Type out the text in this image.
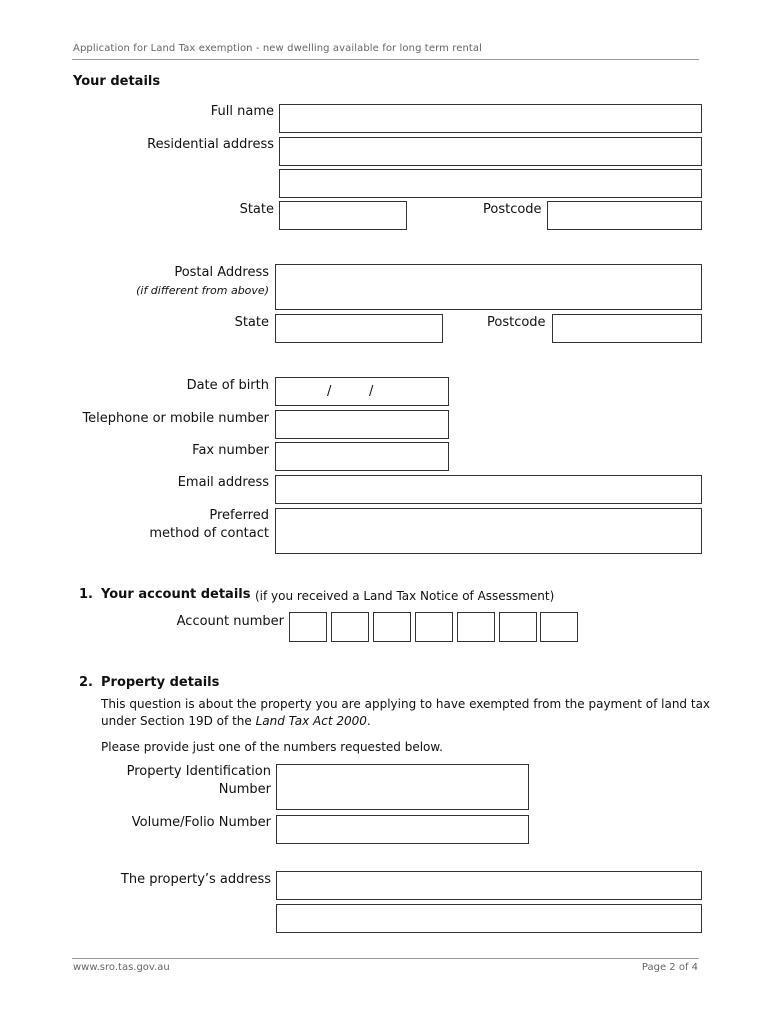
Application for Land Tax exemption - new dwelling available for long term rental
Your details
Full name
Residential address
State	Postcode
Postal Address
(if different from above)
State	Postcode
Date of birth	/	/
Telephone or mobile number
Fax number
Email address
Preferred
method of contact
1. Your account details (if you received a Land Tax Notice of Assessment)
Account number
2. Property details
This question is about the property you are applying to have exempted from the payment of land tax
under Section 19D of the Land Tax Act 2000.
Please provide just one of the numbers requested below.
Property Identification
Number
Volume/Folio Number
The property’s address
www.sro.tas.gov.au	Page 2 of 4
